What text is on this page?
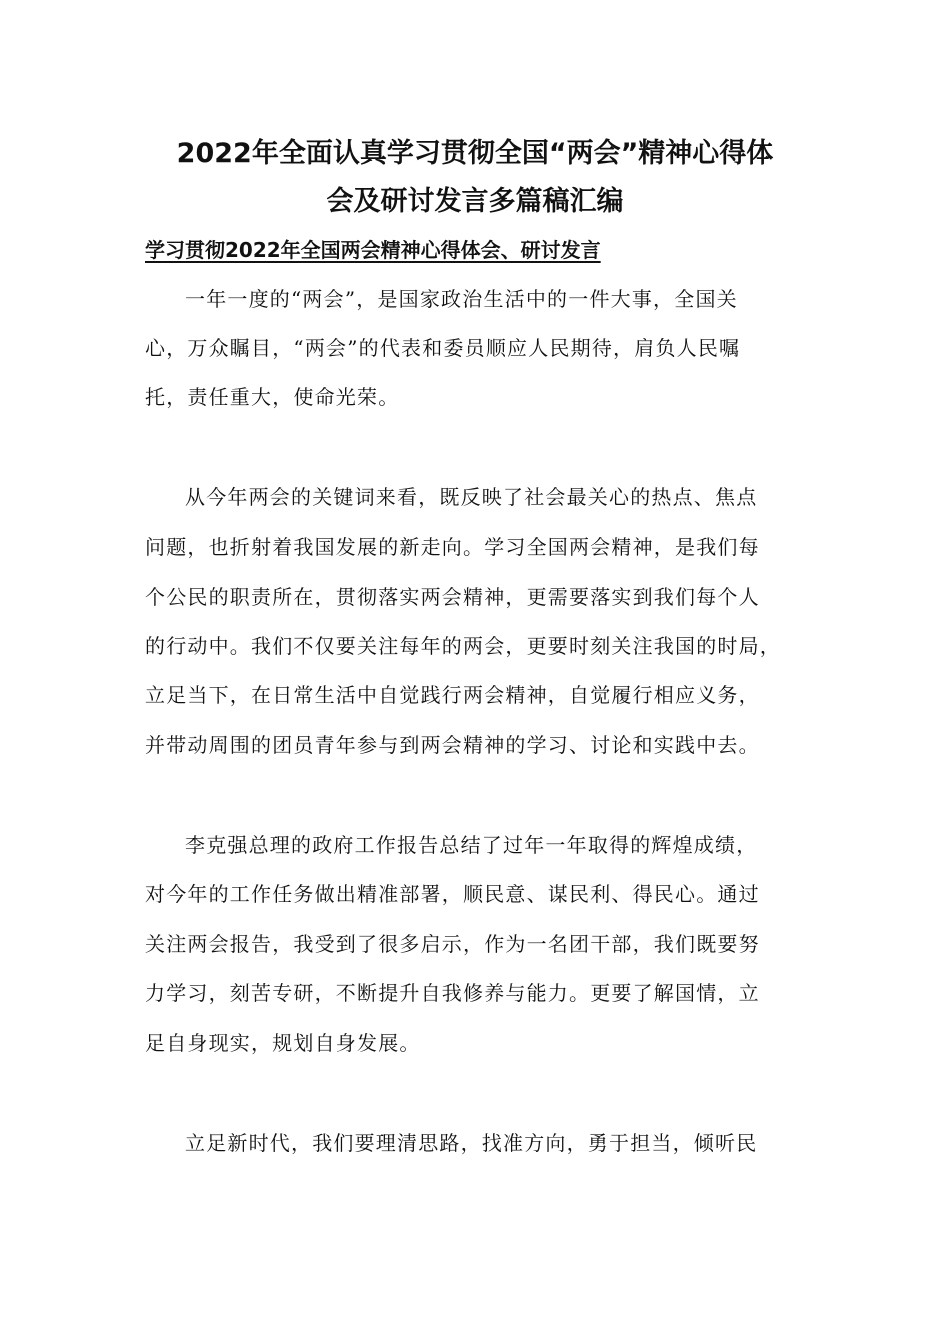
2022年全面认真学习贯彻全国“两会”精神心得体
会及研讨发言多篇稿汇编
学习贯彻2022年全国两会精神心得体会、研讨发言

一年一度的“两会”，是国家政治生活中的一件大事，全国关

心，万众瞩目，“两会”的代表和委员顺应人民期待，肩负人民嘱

托，责任重大，使命光荣。

从今年两会的关键词来看，既反映了社会最关心的热点、焦点

问题，也折射着我国发展的新走向。学习全国两会精神，是我们每

个公民的职责所在，贯彻落实两会精神，更需要落实到我们每个人

的行动中。我们不仅要关注每年的两会，更要时刻关注我国的时局，

立足当下，在日常生活中自觉践行两会精神，自觉履行相应义务，

并带动周围的团员青年参与到两会精神的学习、讨论和实践中去。

李克强总理的政府工作报告总结了过年一年取得的辉煌成绩，

对今年的工作任务做出精准部署，顺民意、谋民利、得民心。通过

关注两会报告，我受到了很多启示，作为一名团干部，我们既要努

力学习，刻苦专研，不断提升自我修养与能力。更要了解国情，立

足自身现实，规划自身发展。

立足新时代，我们要理清思路，找准方向，勇于担当，倾听民
